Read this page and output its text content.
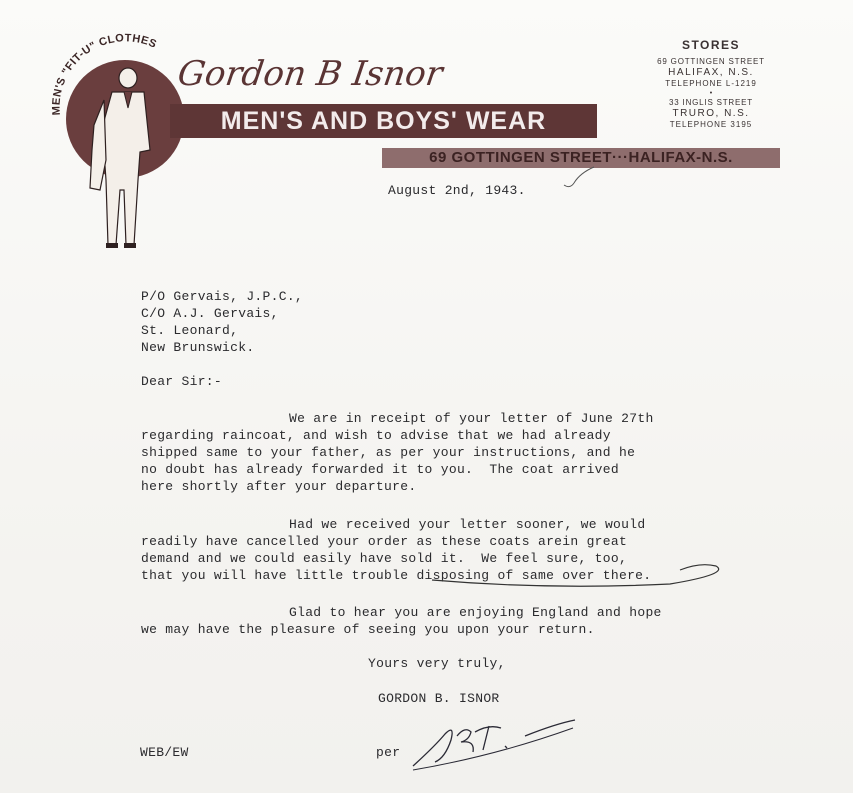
MEN'S "FIT-U" CLOTHES
Gordon B Isnor
MEN'S AND BOYS' WEAR
69 GOTTINGEN STREET···HALIFAX-N.S.
STORES
69 GOTTINGEN STREET
HALIFAX, N.S.
TELEPHONE L-1219
•
33 INGLIS STREET
TRURO, N.S.
TELEPHONE 3195
August 2nd, 1943.
P/O Gervais, J.P.C.,
C/O A.J. Gervais,
St. Leonard,
New Brunswick.
Dear Sir:-
We are in receipt of your letter of June 27th
regarding raincoat, and wish to advise that we had already
shipped same to your father, as per your instructions, and he
no doubt has already forwarded it to you.  The coat arrived
here shortly after your departure.
Had we received your letter sooner, we would
readily have cancelled your order as these coats arein great
demand and we could easily have sold it.  We feel sure, too,
that you will have little trouble disposing of same over there.
Glad to hear you are enjoying England and hope
we may have the pleasure of seeing you upon your return.
Yours very truly,
GORDON B. ISNOR
WEB/EW	per
